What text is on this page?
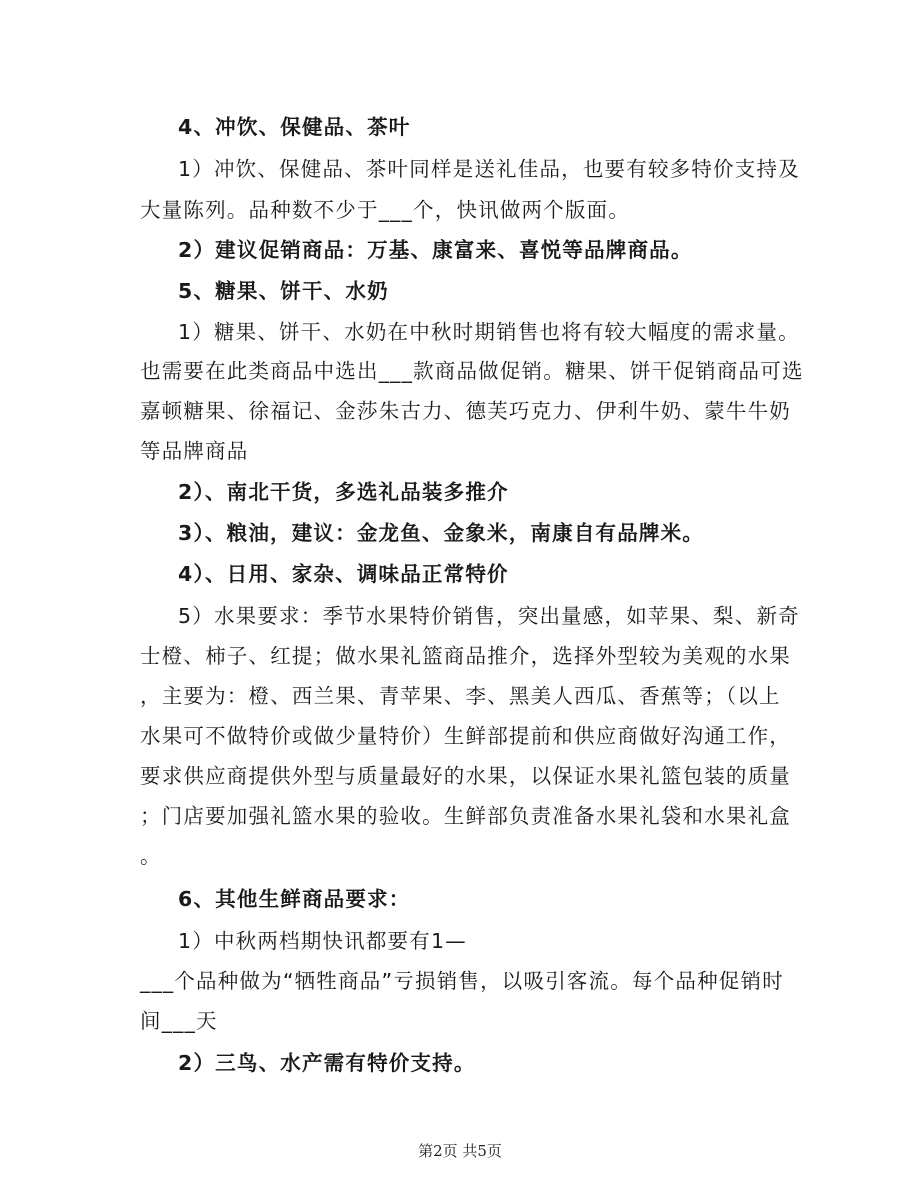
4、冲饮、保健品、茶叶
1）冲饮、保健品、茶叶同样是送礼佳品，也要有较多特价支持及
大量陈列。品种数不少于___个，快讯做两个版面。
2）建议促销商品：万基、康富来、喜悦等品牌商品。
5、糖果、饼干、水奶
1）糖果、饼干、水奶在中秋时期销售也将有较大幅度的需求量。
也需要在此类商品中选出___款商品做促销。糖果、饼干促销商品可选
嘉顿糖果、徐福记、金莎朱古力、德芙巧克力、伊利牛奶、蒙牛牛奶
等品牌商品
2）、南北干货，多选礼品装多推介
3）、粮油，建议：金龙鱼、金象米，南康自有品牌米。
4）、日用、家杂、调味品正常特价
5）水果要求：季节水果特价销售，突出量感，如苹果、梨、新奇
士橙、柿子、红提；做水果礼篮商品推介，选择外型较为美观的水果
，主要为：橙、西兰果、青苹果、李、黑美人西瓜、香蕉等；（以上
水果可不做特价或做少量特价）生鲜部提前和供应商做好沟通工作，
要求供应商提供外型与质量最好的水果，以保证水果礼篮包装的质量
；门店要加强礼篮水果的验收。生鲜部负责准备水果礼袋和水果礼盒
。
6、其他生鲜商品要求：
1）中秋两档期快讯都要有1—
___个品种做为“牺牲商品”亏损销售，以吸引客流。每个品种促销时
间___天
2）三鸟、水产需有特价支持。
第2页 共5页
